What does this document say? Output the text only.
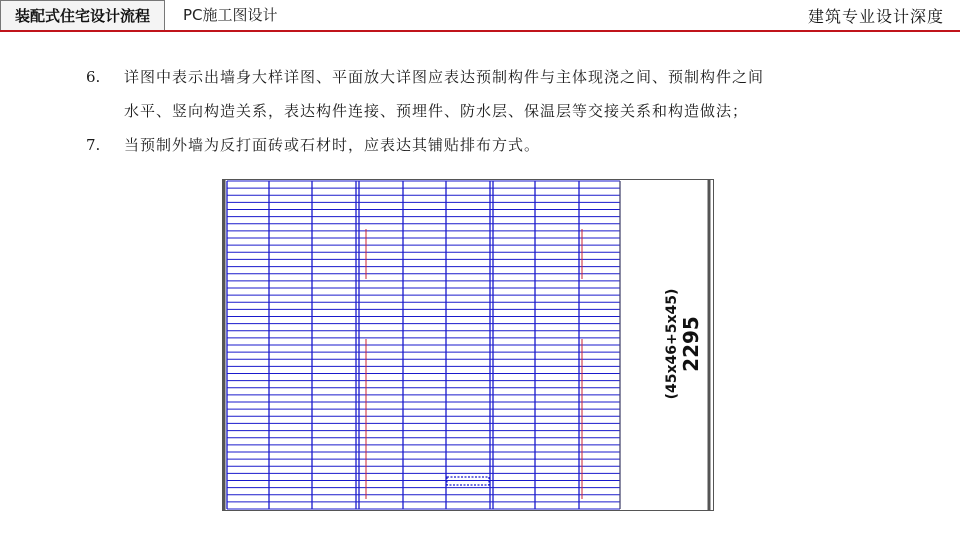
装配式住宅设计流程	PC施工图设计	建筑专业设计深度
6. 详图中表示出墙身大样详图、平面放大详图应表达预制构件与主体现浇之间、预制构件之间
水平、竖向构造关系，表达构件连接、预埋件、防水层、保温层等交接关系和构造做法；
7. 当预制外墙为反打面砖或石材时，应表达其铺贴排布方式。
(45x46+5x45) 2295
